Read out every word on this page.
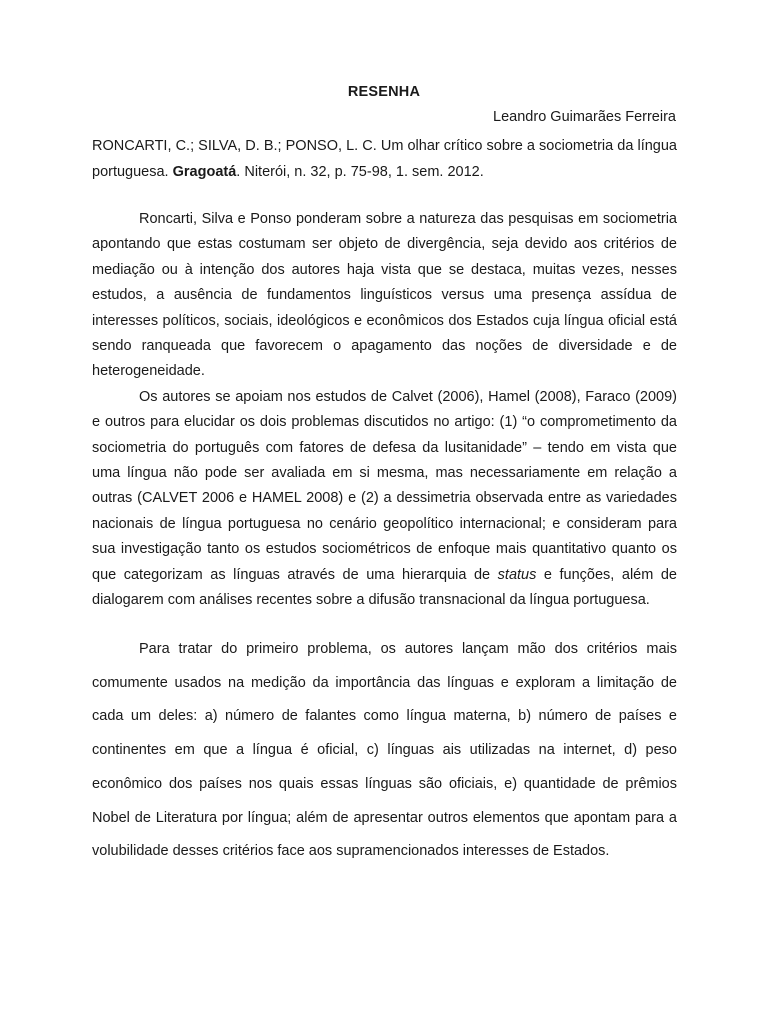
RESENHA
Leandro Guimarães Ferreira
RONCARTI, C.; SILVA, D. B.; PONSO, L. C. Um olhar crítico sobre a sociometria da língua portuguesa. Gragoatá. Niterói, n. 32, p. 75-98, 1. sem. 2012.

Roncarti, Silva e Ponso ponderam sobre a natureza das pesquisas em sociometria apontando que estas costumam ser objeto de divergência, seja devido aos critérios de mediação ou à intenção dos autores haja vista que se destaca, muitas vezes, nesses estudos, a ausência de fundamentos linguísticos versus uma presença assídua de interesses políticos, sociais, ideológicos e econômicos dos Estados cuja língua oficial está sendo ranqueada que favorecem o apagamento das noções de diversidade e de heterogeneidade.

Os autores se apoiam nos estudos de Calvet (2006), Hamel (2008), Faraco (2009) e outros para elucidar os dois problemas discutidos no artigo: (1) “o comprometimento da sociometria do português com fatores de defesa da lusitanidade” – tendo em vista que uma língua não pode ser avaliada em si mesma, mas necessariamente em relação a outras (CALVET 2006 e HAMEL 2008) e (2) a dessimetria observada entre as variedades nacionais de língua portuguesa no cenário geopolítico internacional; e consideram para sua investigação tanto os estudos sociométricos de enfoque mais quantitativo quanto os que categorizam as línguas através de uma hierarquia de status e funções, além de dialogarem com análises recentes sobre a difusão transnacional da língua portuguesa.

Para tratar do primeiro problema, os autores lançam mão dos critérios mais comumente usados na medição da importância das línguas e exploram a limitação de cada um deles: a) número de falantes como língua materna, b) número de países e continentes em que a língua é oficial, c) línguas ais utilizadas na internet, d) peso econômico dos países nos quais essas línguas são oficiais, e) quantidade de prêmios Nobel de Literatura por língua; além de apresentar outros elementos que apontam para a volubilidade desses critérios face aos supramencionados interesses de Estados.
